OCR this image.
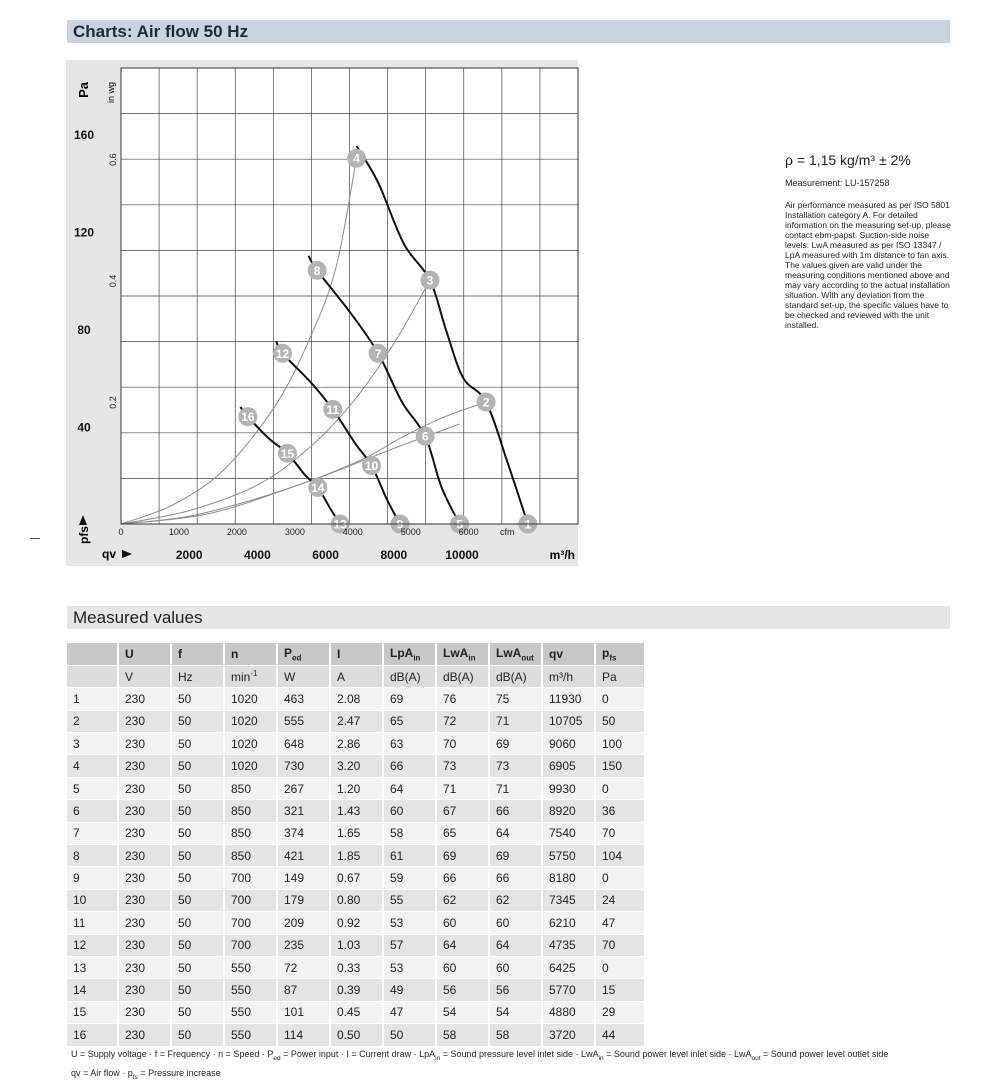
Charts: Air flow 50 Hz
1
2
3
4
5
6
7
8
9
10
11
12
13
14
15
16
2000	4000	6000	8000	10000
40
80
120
160
0	1000	2000	3000	4000	5000	6000 cfm
0.2
0.4
0.6
Pa in wg
pfs
qv	m³/h
ρ = 1,15 kg/m³ ± 2%
Measurement: LU-157258
Air performance measured as per ISO 5801 Installation category A. For detailed information on the measuring set-up, please contact ebm-papst. Suction-side noise levels: LwA measured as per ISO 13347 / LpA measured with 1m distance to fan axis. The values given are valid under the measuring conditions mentioned above and may vary according to the actual installation situation. With any deviation from the standard set-up, the specific values have to be checked and reviewed with the unit installed.
Measured values
	U	f	n	$P_{ed}$	I	LpA$_{in}$	LwA$_{in}$	LwA$_{out}$	qv	$p_{fs}$
	V	Hz	$\min^{-1}$	W	A	dB(A)	dB(A)	dB(A)	m³/h	Pa
1	230	50	1020	463	2.08	69	76	75	11930	0
2	230	50	1020	555	2.47	65	72	71	10705	50
3	230	50	1020	648	2.86	63	70	69	9060	100
4	230	50	1020	730	3.20	66	73	73	6905	150
5	230	50	850	267	1.20	64	71	71	9930	0
6	230	50	850	321	1.43	60	67	66	8920	36
7	230	50	850	374	1.65	58	65	64	7540	70
8	230	50	850	421	1.85	61	69	69	5750	104
9	230	50	700	149	0.67	59	66	66	8180	0
10	230	50	700	179	0.80	55	62	62	7345	24
11	230	50	700	209	0.92	53	60	60	6210	47
12	230	50	700	235	1.03	57	64	64	4735	70
13	230	50	550	72	0.33	53	60	60	6425	0
14	230	50	550	87	0.39	49	56	56	5770	15
15	230	50	550	101	0.45	47	54	54	4880	29
16	230	50	550	114	0.50	50	58	58	3720	44
U = Supply voltage · f = Frequency · n = Speed · $P_{ed}$ = Power input · I = Current draw · LpA$_{in}$ = Sound pressure level inlet side · LwA$_{in}$ = Sound power level inlet side · LwA$_{out}$ = Sound power level outlet side
qv = Air flow · $p_{fs}$ = Pressure increase
